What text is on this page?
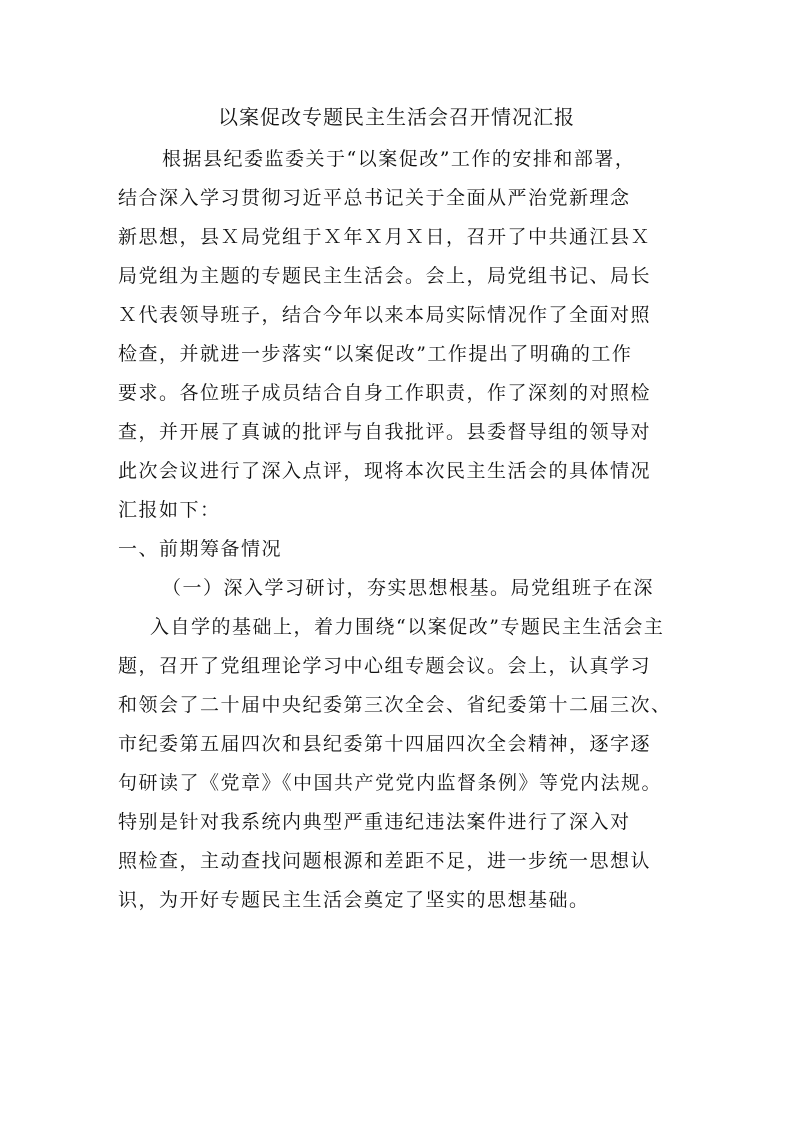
以案促改专题民主生活会召开情况汇报
根据县纪委监委关于“以案促改”工作的安排和部署，
结合深入学习贯彻习近平总书记关于全面从严治党新理念
新思想，县Ｘ局党组于Ｘ年Ｘ月Ｘ日，召开了中共通江县Ｘ
局党组为主题的专题民主生活会。会上，局党组书记、局长
Ｘ代表领导班子，结合今年以来本局实际情况作了全面对照
检查，并就进一步落实“以案促改”工作提出了明确的工作
要求。各位班子成员结合自身工作职责，作了深刻的对照检
查，并开展了真诚的批评与自我批评。县委督导组的领导对
此次会议进行了深入点评，现将本次民主生活会的具体情况
汇报如下：
一、前期筹备情况
（一）深入学习研讨，夯实思想根基。局党组班子在深
入自学的基础上，着力围绕“以案促改”专题民主生活会主
题，召开了党组理论学习中心组专题会议。会上，认真学习
和领会了二十届中央纪委第三次全会、省纪委第十二届三次、
市纪委第五届四次和县纪委第十四届四次全会精神，逐字逐
句研读了《党章》《中国共产党党内监督条例》等党内法规。
特别是针对我系统内典型严重违纪违法案件进行了深入对
照检查，主动查找问题根源和差距不足，进一步统一思想认
识，为开好专题民主生活会奠定了坚实的思想基础。
